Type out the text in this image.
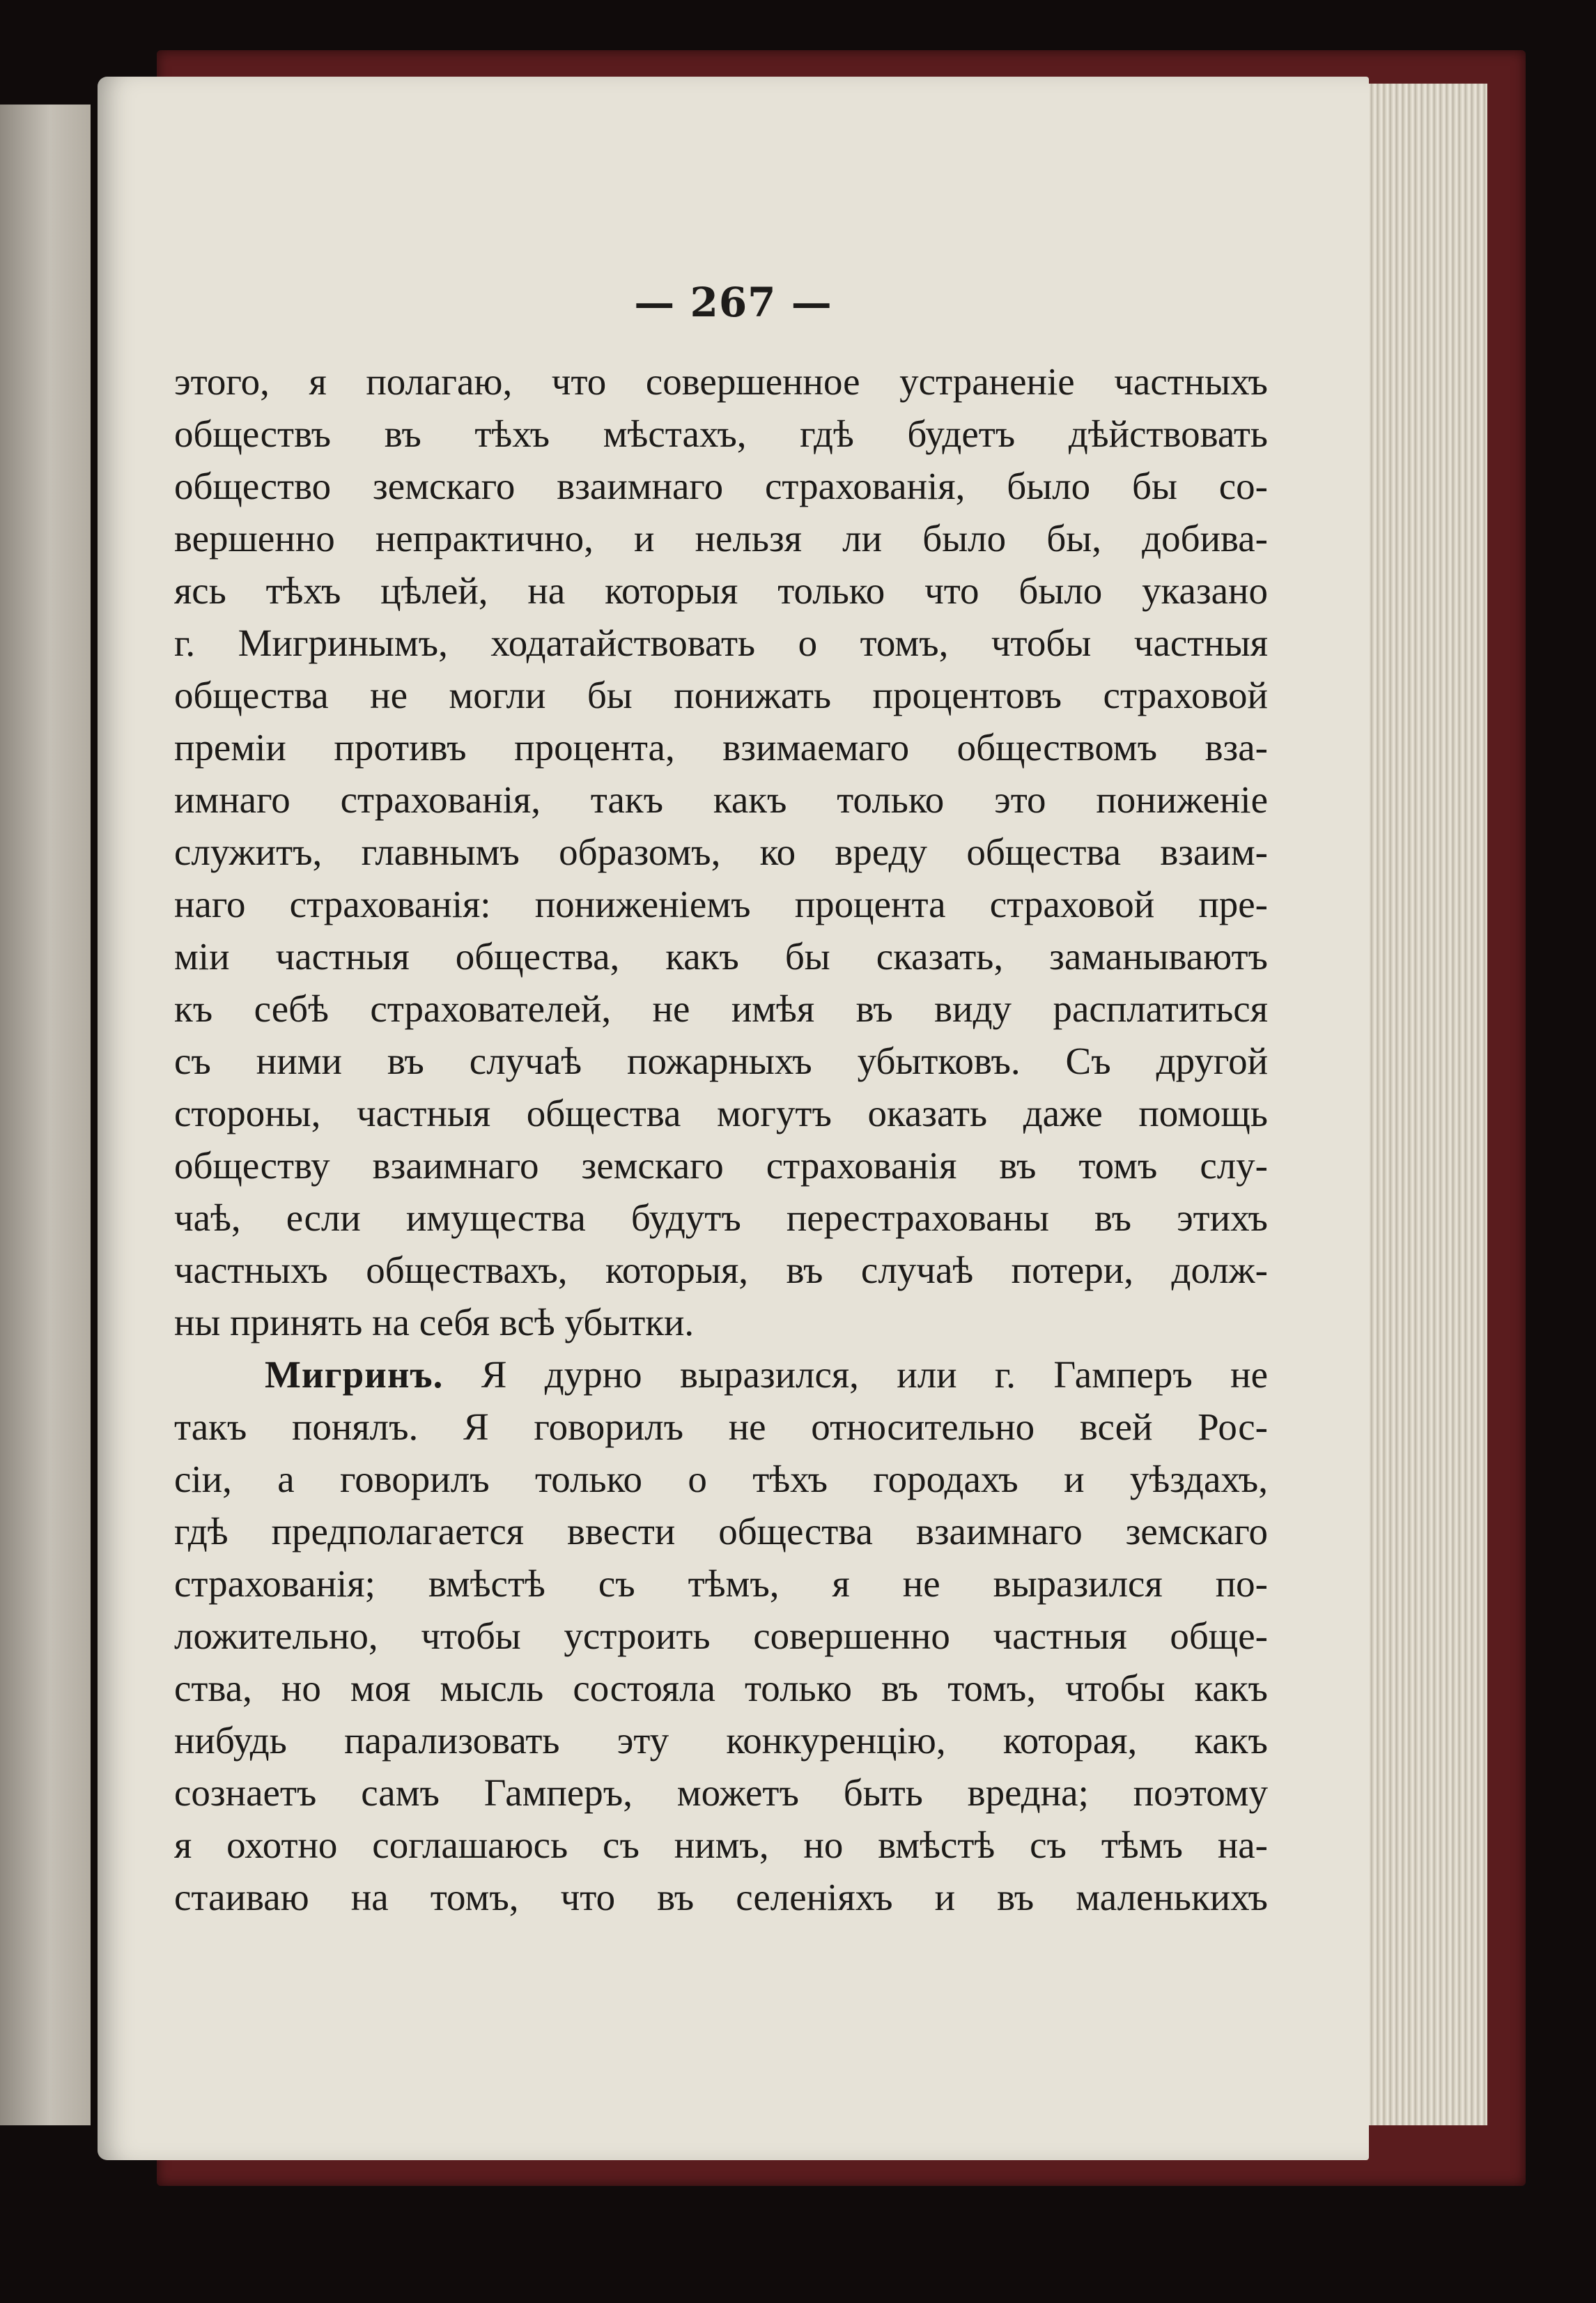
— 267 —
этого, я полагаю, что совершенное устраненіе частныхъ
обществъ въ тѣхъ мѣстахъ, гдѣ будетъ дѣйствовать
общество земскаго взаимнаго страхованія, было бы со-
вершенно непрактично, и нельзя ли было бы, добива-
ясь тѣхъ цѣлей, на которыя только что было указано
г. Мигринымъ, ходатайствовать о томъ, чтобы частныя
общества не могли бы понижать процентовъ страховой
преміи противъ процента, взимаемаго обществомъ вза-
имнаго страхованія, такъ какъ только это пониженіе
служитъ, главнымъ образомъ, ко вреду общества взаим-
наго страхованія: пониженіемъ процента страховой пре-
міи частныя общества, какъ бы сказать, заманываютъ
къ себѣ страхователей, не имѣя въ виду расплатиться
съ ними въ случаѣ пожарныхъ убытковъ. Съ другой
стороны, частныя общества могутъ оказать даже помощь
обществу взаимнаго земскаго страхованія въ томъ слу-
чаѣ, если имущества будутъ перестрахованы въ этихъ
частныхъ обществахъ, которыя, въ случаѣ потери, долж-
ны принять на себя всѣ убытки.
Мигринъ. Я дурно выразился, или г. Гамперъ не
такъ понялъ. Я говорилъ не относительно всей Рос-
сіи, а говорилъ только о тѣхъ городахъ и уѣздахъ,
гдѣ предполагается ввести общества взаимнаго земскаго
страхованія; вмѣстѣ съ тѣмъ, я не выразился по-
ложительно, чтобы устроить совершенно частныя обще-
ства, но моя мысль состояла только въ томъ, чтобы какъ
нибудь парализовать эту конкуренцію, которая, какъ
сознаетъ самъ Гамперъ, можетъ быть вредна; поэтому
я охотно соглашаюсь съ нимъ, но вмѣстѣ съ тѣмъ на-
стаиваю на томъ, что въ селеніяхъ и въ маленькихъ
